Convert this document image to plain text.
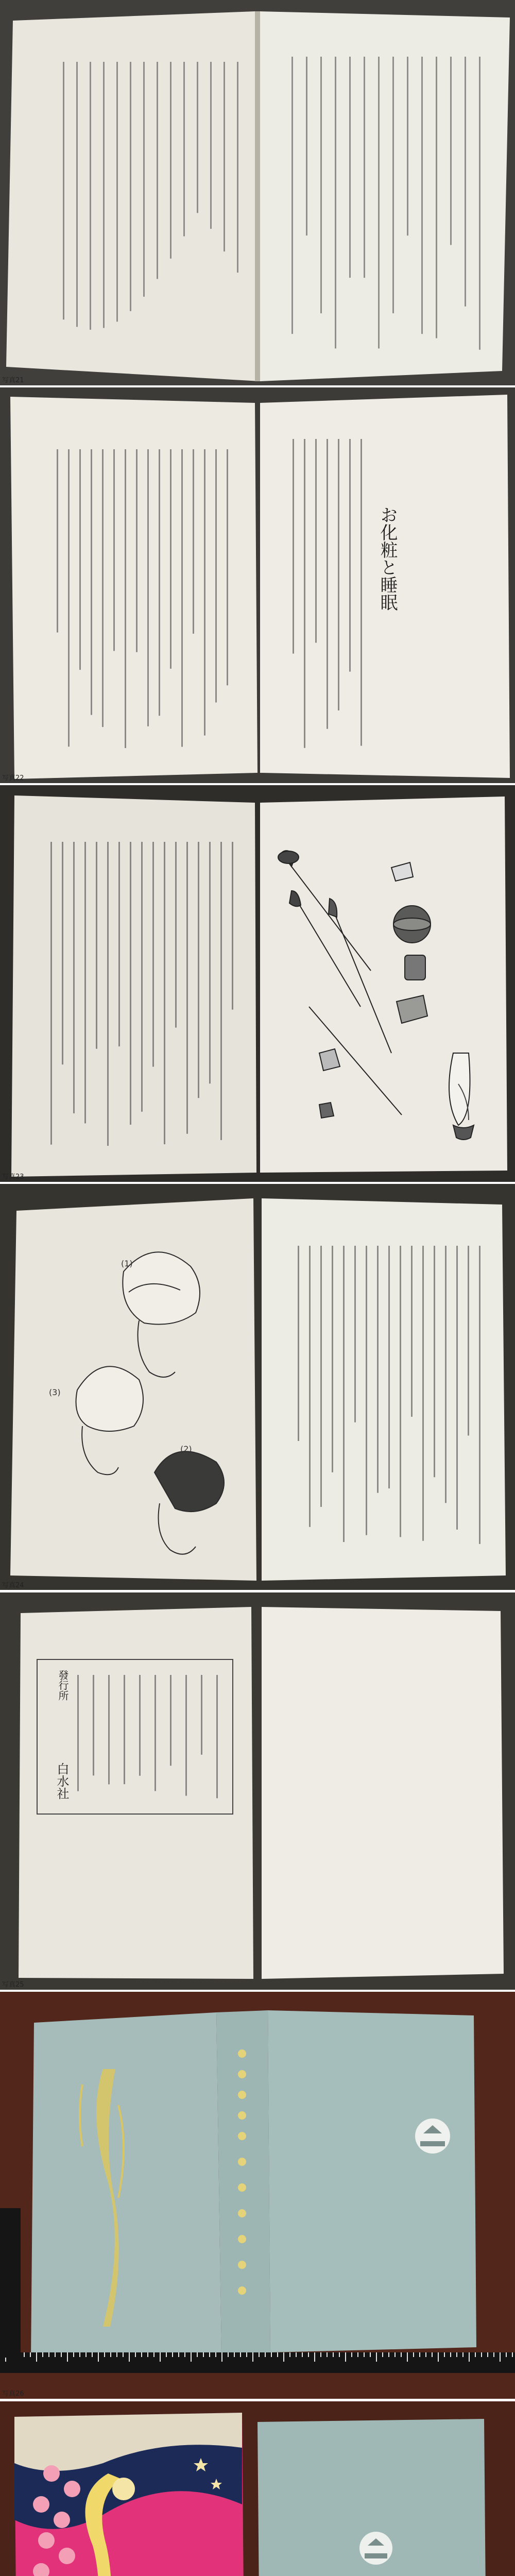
写真21
お化粧と睡眠
写真22
写真23
(1)
(3)
(2)
写真24
白水社
發行所
写真25
写真26
